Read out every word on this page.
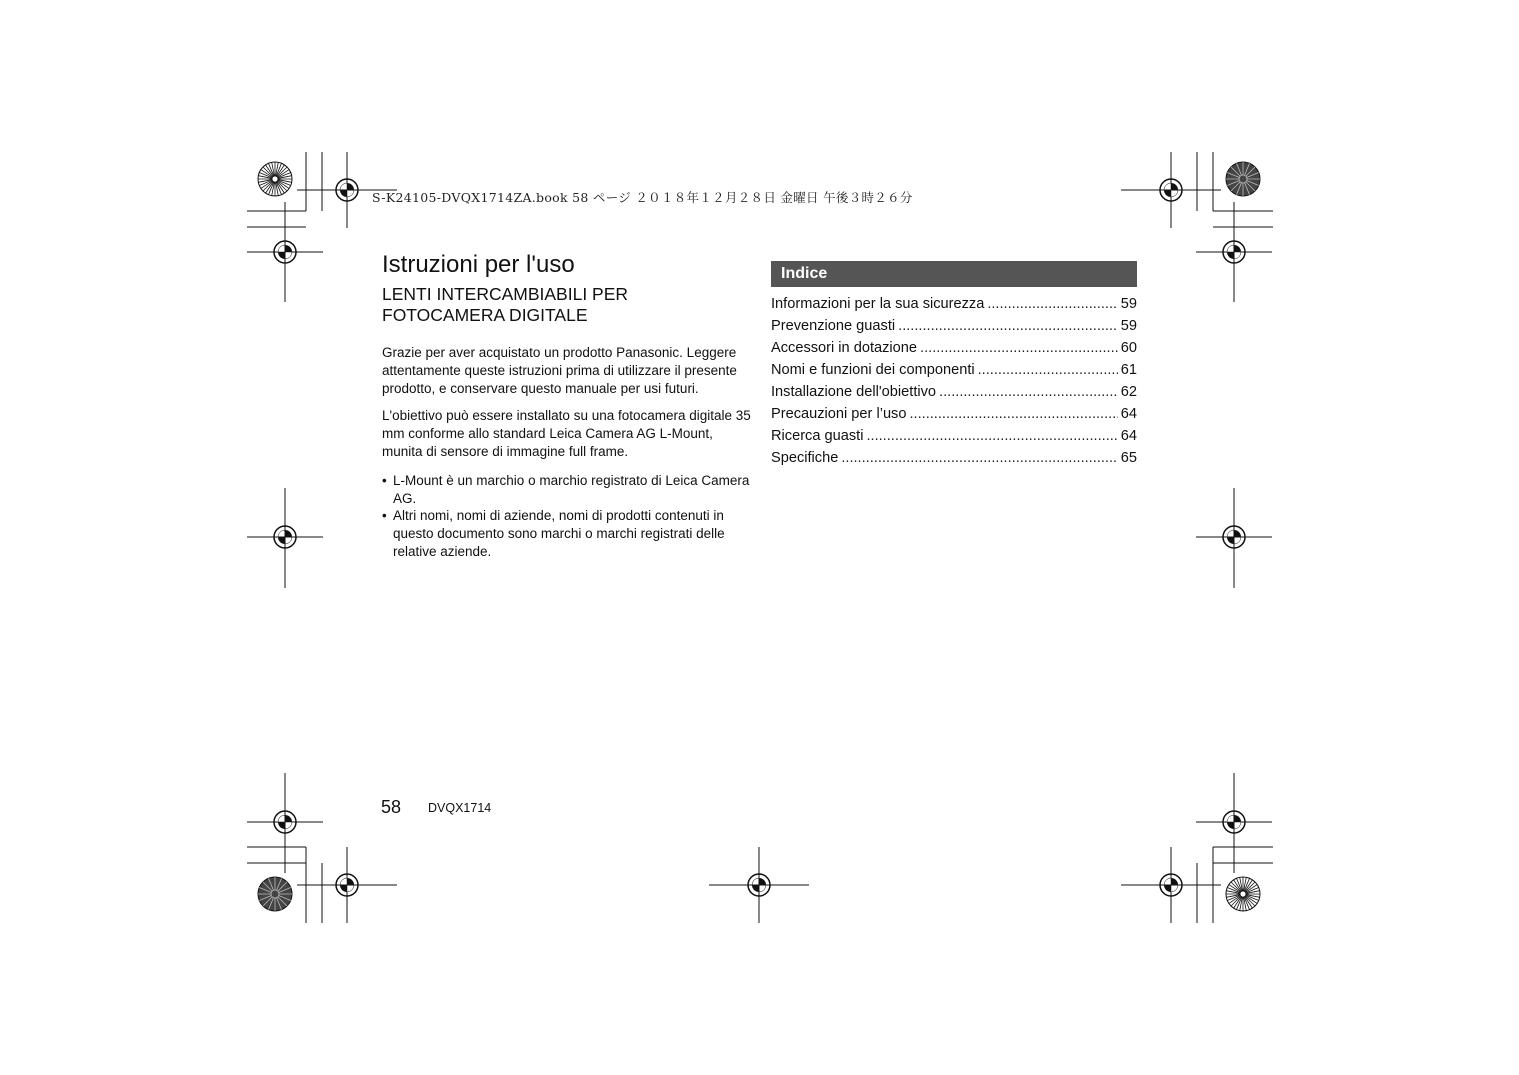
S-K24105-DVQX1714ZA.book 58 ページ ２０１８年１２月２８日 金曜日 午後３時２６分
Istruzioni per l'uso
LENTI INTERCAMBIABILI PER
FOTOCAMERA DIGITALE

Grazie per aver acquistato un prodotto Panasonic. Leggere attentamente queste istruzioni prima di utilizzare il presente prodotto, e conservare questo manuale per usi futuri.

L'obiettivo può essere installato su una fotocamera digitale 35 mm conforme allo standard Leica Camera AG L-Mount, munita di sensore di immagine full frame.

• L-Mount è un marchio o marchio registrato di Leica Camera AG.
• Altri nomi, nomi di aziende, nomi di prodotti contenuti in questo documento sono marchi o marchi registrati delle relative aziende.
Indice
Informazioni per la sua sicurezza .....	59
Prevenzione guasti .....	59
Accessori in dotazione .....	60
Nomi e funzioni dei componenti .....	61
Installazione dell'obiettivo .....	62
Precauzioni per l’uso .....	64
Ricerca guasti .....	64
Specifiche .....	65
58 DVQX1714
